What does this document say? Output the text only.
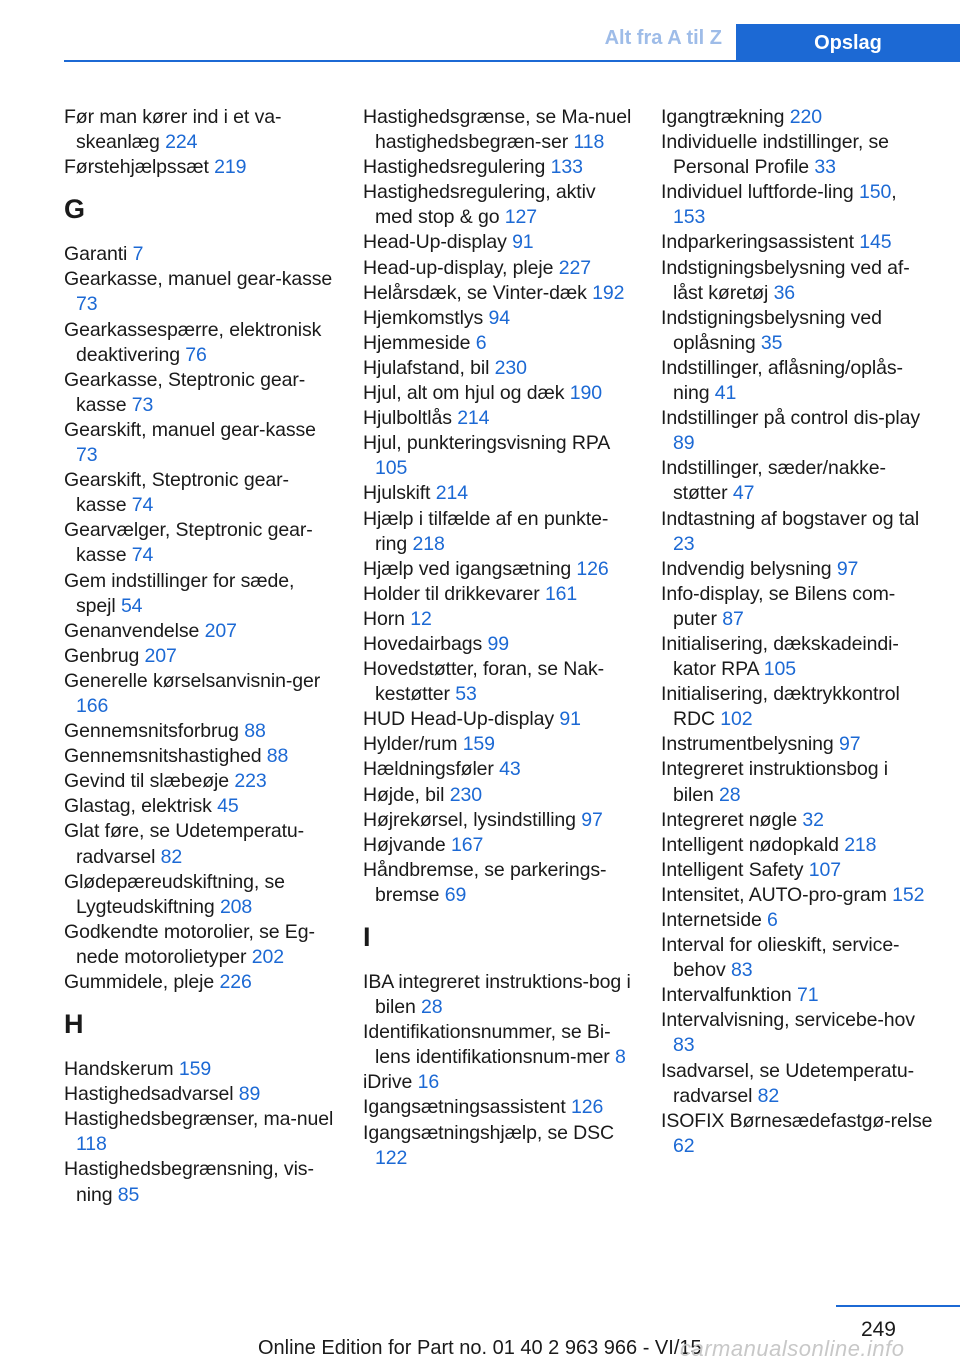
Alt fra A til Z	Opslag
Før man kører ind i et va-skeanlæg 224
Førstehjælpssæt 219
G
Garanti 7
Gearkasse, manuel gear-kasse 73
Gearkassespærre, elektronisk deaktivering 76
Gearkasse, Steptronic gear-kasse 73
Gearskift, manuel gear-kasse 73
Gearskift, Steptronic gear-kasse 74
Gearvælger, Steptronic gear-kasse 74
Gem indstillinger for sæde, spejl 54
Genanvendelse 207
Genbrug 207
Generelle kørselsanvisnin-ger 166
Gennemsnitsforbrug 88
Gennemsnitshastighed 88
Gevind til slæbeøje 223
Glastag, elektrisk 45
Glat føre, se Udetemperatu-radvarsel 82
Glødepæreudskiftning, se Lygteudskiftning 208
Godkendte motorolier, se Eg-nede motorolietyper 202
Gummidele, pleje 226
H
Handskerum 159
Hastighedsadvarsel 89
Hastighedsbegrænser, ma-nuel 118
Hastighedsbegrænsning, vis-ning 85
Hastighedsgrænse, se Ma-nuel hastighedsbegræn-ser 118
Hastighedsregulering 133
Hastighedsregulering, aktiv med stop & go 127
Head-Up-display 91
Head-up-display, pleje 227
Helårsdæk, se Vinter-dæk 192
Hjemkomstlys 94
Hjemmeside 6
Hjulafstand, bil 230
Hjul, alt om hjul og dæk 190
Hjulboltlås 214
Hjul, punkteringsvisning RPA 105
Hjulskift 214
Hjælp i tilfælde af en punkte-ring 218
Hjælp ved igangsætning 126
Holder til drikkevarer 161
Horn 12
Hovedairbags 99
Hovedstøtter, foran, se Nak-kestøtter 53
HUD Head-Up-display 91
Hylder/rum 159
Hældningsføler 43
Højde, bil 230
Højrekørsel, lysindstilling 97
Højvande 167
Håndbremse, se parkerings-bremse 69
I
IBA integreret instruktions-bog i bilen 28
Identifikationsnummer, se Bi-lens identifikationsnum-mer 8
iDrive 16
Igangsætningsassistent 126
Igangsætningshjælp, se DSC 122
Igangtrækning 220
Individuelle indstillinger, se Personal Profile 33
Individuel luftforde-ling 150, 153
Indparkeringsassistent 145
Indstigningsbelysning ved af-låst køretøj 36
Indstigningsbelysning ved oplåsning 35
Indstillinger, aflåsning/oplås-ning 41
Indstillinger på control dis-play 89
Indstillinger, sæder/nakke-støtter 47
Indtastning af bogstaver og tal 23
Indvendig belysning 97
Info-display, se Bilens com-puter 87
Initialisering, dækskadeindi-kator RPA 105
Initialisering, dæktrykkontrol RDC 102
Instrumentbelysning 97
Integreret instruktionsbog i bilen 28
Integreret nøgle 32
Intelligent nødopkald 218
Intelligent Safety 107
Intensitet, AUTO-pro-gram 152
Internetside 6
Interval for olieskift, service-behov 83
Intervalfunktion 71
Intervalvisning, servicebe-hov 83
Isadvarsel, se Udetemperatu-radvarsel 82
ISOFIX Børnesædefastgø-relse 62
249
Online Edition for Part no. 01 40 2 963 966 - VI/15
carmanualsonline.info
